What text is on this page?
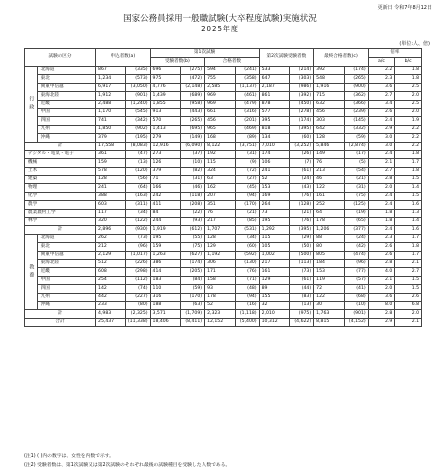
更新日 令和7年8月12日
国家公務員採用一般職試験(大卒程度試験)実施状況
2025年度
(単位:人、倍)
試験の区分		申込者数(a)		第1次試験				第2次試験受験者数		最終合格者数(c)		倍率	
				受験者数(b)		合格者数						a/c	b/c

行政	北海道	867	(335)	696	(275)	594	(241)	533	(214)	392	(174)	2.2	1.8
	東北	1,234	(573)	975	(472)	755	(358)	647	(303)	548	(265)	2.3	1.8
	関東甲信越	6,917	(3,050)	4,776	(2,148)	2,585	(1,137)	2,187	(986)	1,916	(900)	3.6	2.5
	東海北陸	1,912	(901)	1,439	(689)	969	(461)	861	(392)	715	(362)	2.7	2.0
	近畿	2,488	(1,240)	1,855	(958)	969	(479)	878	(450)	632	(366)	3.4	2.5
	中国	1,170	(545)	913	(443)	661	(316)	577	(278)	456	(239)	2.6	2.0
	四国	741	(342)	570	(265)	456	(201)	395	(174)	303	(145)	2.4	1.9
	九州	1,850	(902)	1,413	(695)	965	(469)	818	(395)	642	(332)	2.9	2.2
	沖縄	379	(195)	279	(149)	168	(89)	134	(60)	128	(59)	3.0	2.2
計		17,558	(8,083)	12,916	(6,090)	8,122	(3,751)	7,010	(3,252)	5,846	(2,874)	3.0	2.2
デジタル・電気・電子		361	(47)	273	(37)	192	(31)	174	(26)	149	(17)	2.4	1.8
機械		159	(13)	126	(10)	115	(9)	106	(7)	76	(5)	2.1	1.7
土木		578	(120)	379	(82)	324	(72)	241	(61)	213	(54)	2.7	1.8
建築		128	(56)	71	(31)	63	(27)	52	(24)	46	(21)	2.8	1.5
物理		241	(64)	166	(46)	162	(45)	153	(43)	122	(31)	2.0	1.4
化学		388	(163)	242	(118)	207	(94)	169	(76)	161	(75)	2.4	1.5
農学		603	(311)	411	(208)	351	(170)	264	(128)	252	(125)	2.4	1.6
農業農村工学		117	(34)	84	(22)	76	(21)	73	(21)	64	(19)	1.8	1.3
林学		320	(122)	244	(93)	217	(85)	195	(76)	178	(65)	1.8	1.4
計		2,896	(930)	1,919	(612)	1,707	(531)	1,292	(395)	1,206	(377)	2.4	1.6
教養	北海道	262	(73)	195	(55)	128	(34)	115	(29)	88	(24)	2.3	1.7
	東北	212	(96)	159	(75)	129	(60)	105	(50)	80	(42)	2.6	1.8
	関東甲信越	2,129	(1,017)	1,263	(627)	1,192	(592)	1,002	(500)	805	(474)	2.6	1.7
	東海北陸	512	(226)	386	(174)	306	(130)	217	(113)	184	(96)	2.8	2.1
	近畿	608	(298)	414	(205)	171	(76)	161	(73)	153	(77)	4.0	2.7
	中国	254	(112)	183	(84)	158	(71)	129	(61)	119	(57)	2.1	1.5
	四国	142	(74)	110	(59)	93	(48)	89	(44)	72	(41)	2.0	1.5
	九州	442	(227)	316	(170)	178	(94)	155	(83)	122	(68)	3.6	2.6
	沖縄	233	(80)	188	(63)	52	(16)	32	(13)	30	(10)	8.0	6.8
計		4,983	(2,325)	3,571	(1,709)	2,323	(1,118)	2,010	(975)	1,763	(901)	2.8	2.0
合計		25,437	(11,338)	18,406	(8,411)	12,152	(5,400)	10,312	(4,622)	8,815	(4,152)	2.9	2.1
(注1) ( )内の数字は、女性を内数で示す。
(注2) 受験者数は、第1次試験又は第2次試験のそれぞれ最後の試験種目を受験した人数である。
